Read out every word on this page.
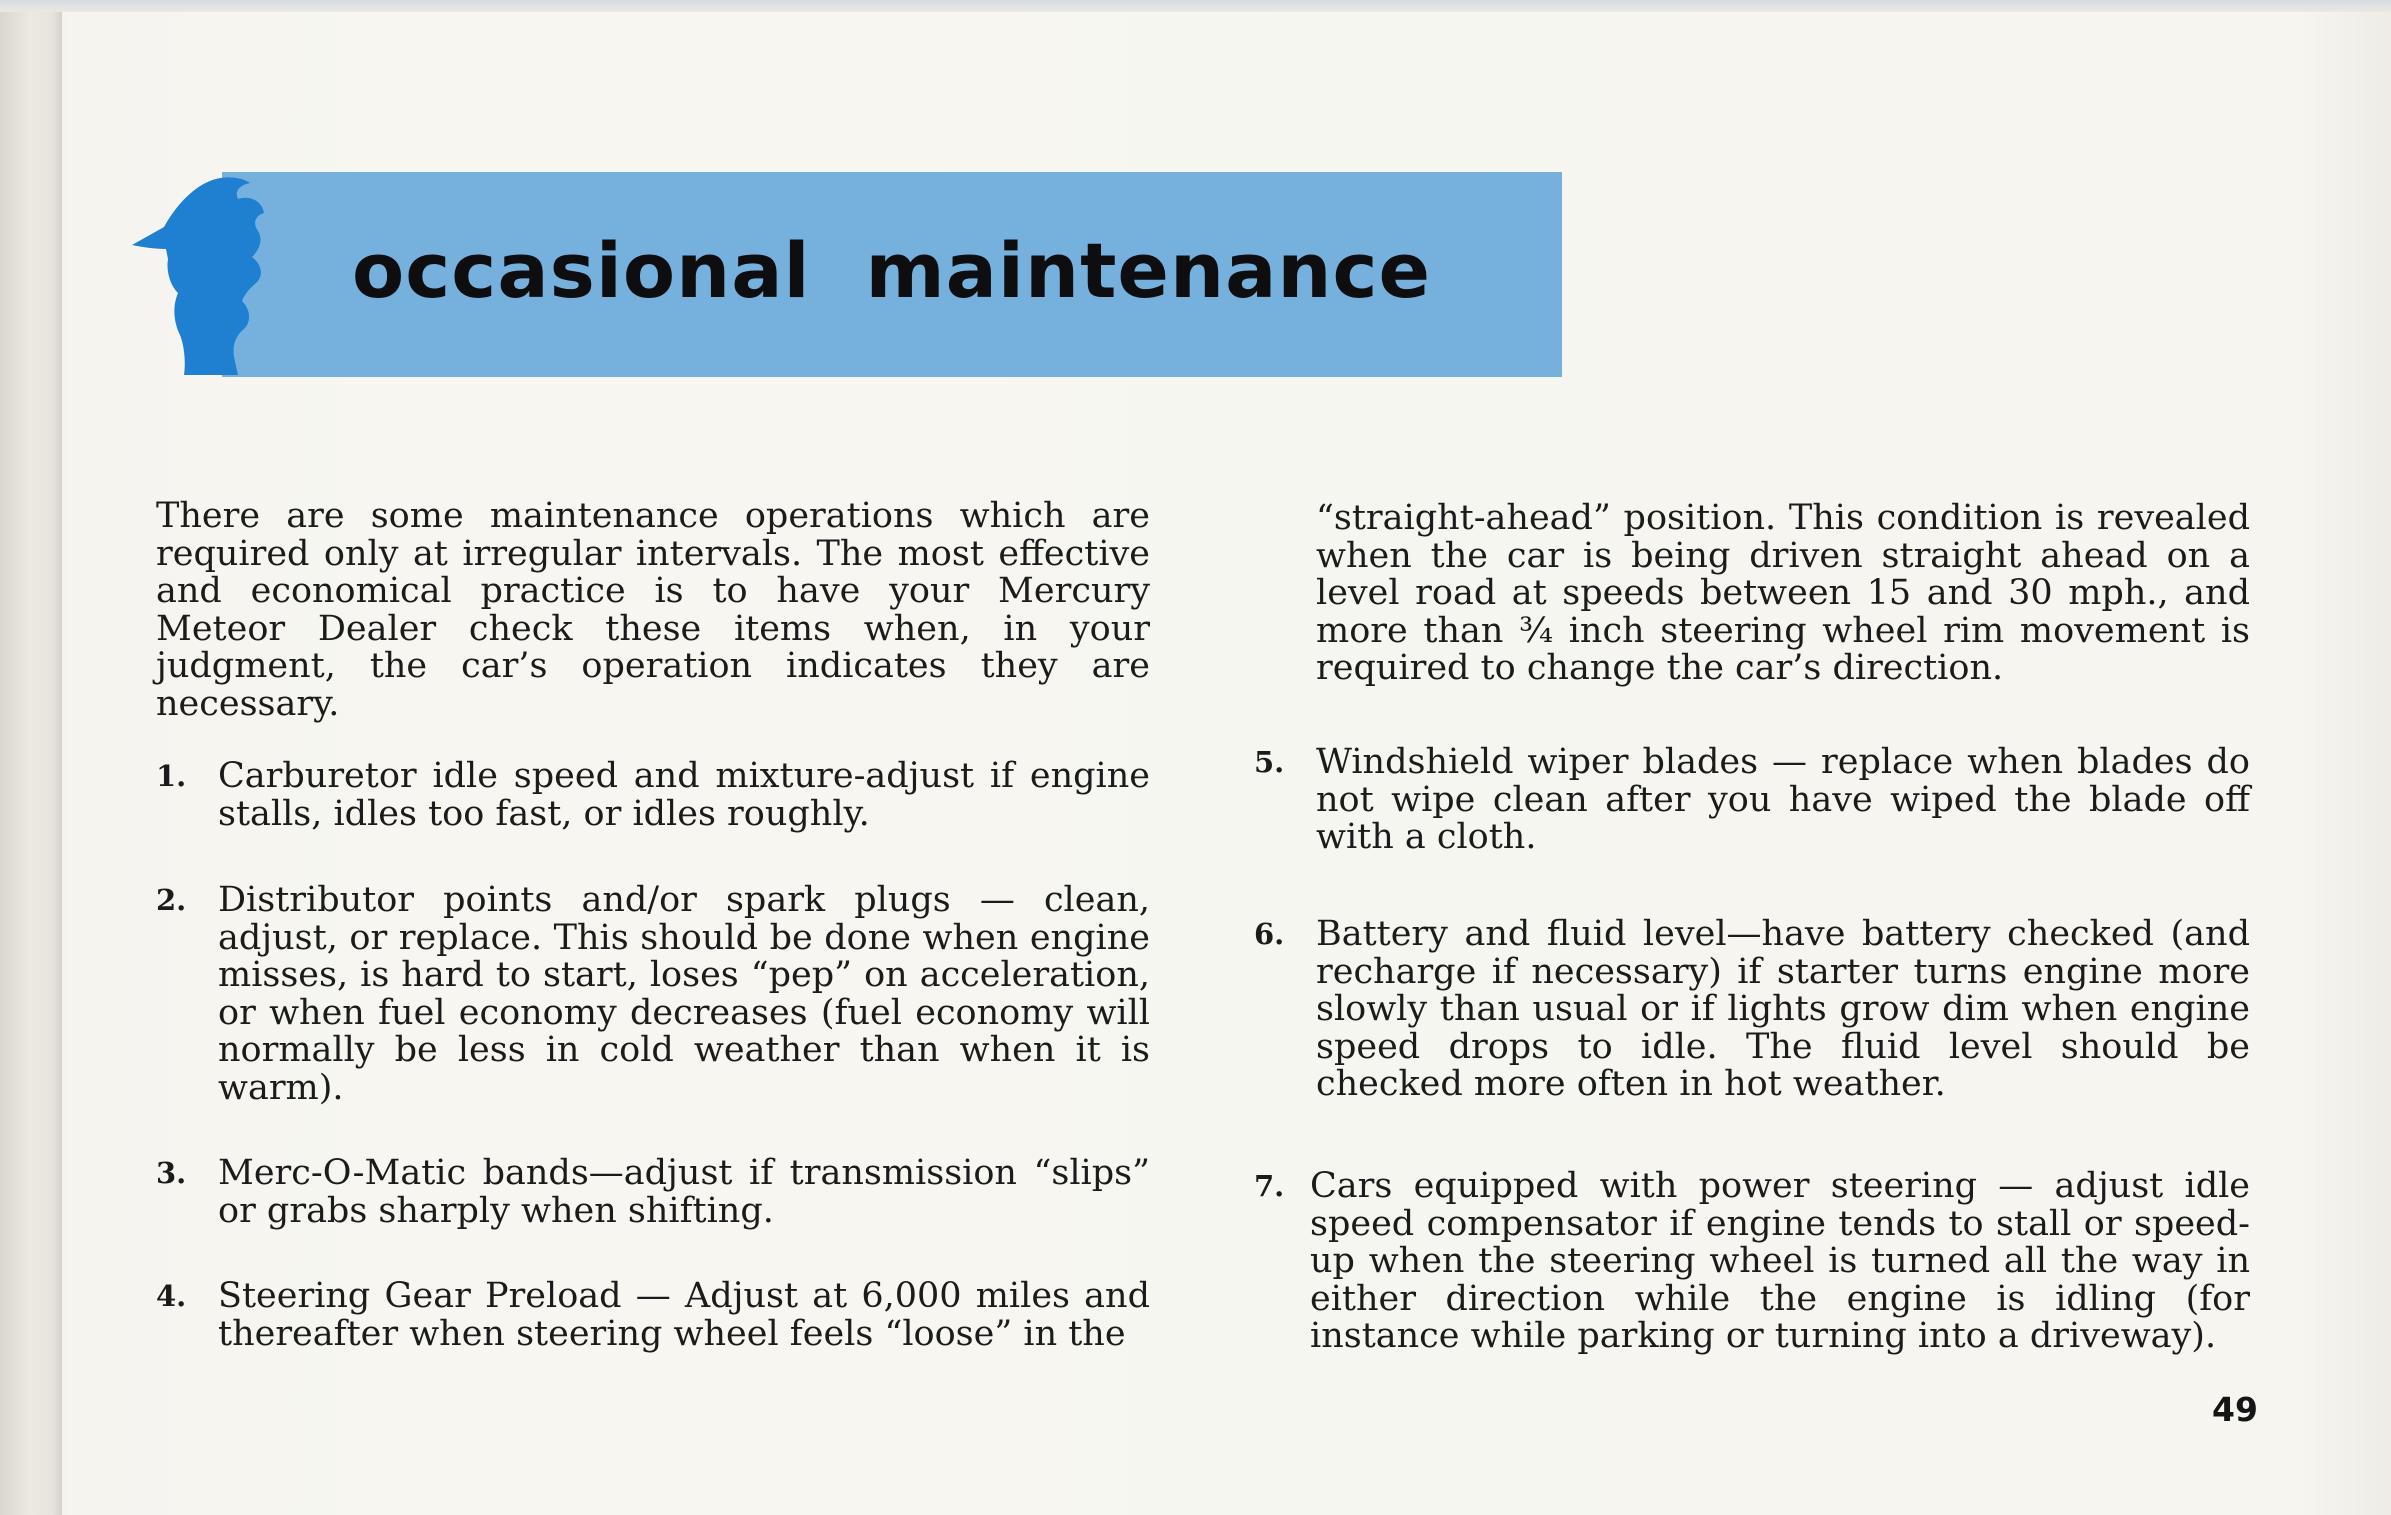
occasional  maintenance

There are some maintenance operations which are required only at irregular intervals. The most effective and economical practice is to have your Mercury Meteor Dealer check these items when, in your judgment, the car’s operation indicates they are necessary.

1. Carburetor idle speed and mixture-adjust if engine stalls, idles too fast, or idles roughly.

2. Distributor points and/or spark plugs — clean, adjust, or replace. This should be done when engine misses, is hard to start, loses “pep” on acceleration, or when fuel economy decreases (fuel economy will normally be less in cold weather than when it is warm).

3. Merc-O-Matic bands—adjust if transmission “slips” or grabs sharply when shifting.

4. Steering Gear Preload — Adjust at 6,000 miles and thereafter when steering wheel feels “loose” in the

“straight-ahead” position. This condition is revealed when the car is being driven straight ahead on a level road at speeds between 15 and 30 mph., and more than ¾ inch steering wheel rim movement is required to change the car’s direction.

5. Windshield wiper blades — replace when blades do not wipe clean after you have wiped the blade off with a cloth.

6. Battery and fluid level—have battery checked (and recharge if necessary) if starter turns engine more slowly than usual or if lights grow dim when engine speed drops to idle. The fluid level should be checked more often in hot weather.

7. Cars equipped with power steering — adjust idle speed compensator if engine tends to stall or speed-up when the steering wheel is turned all the way in either direction while the engine is idling (for instance while parking or turning into a driveway).

49
